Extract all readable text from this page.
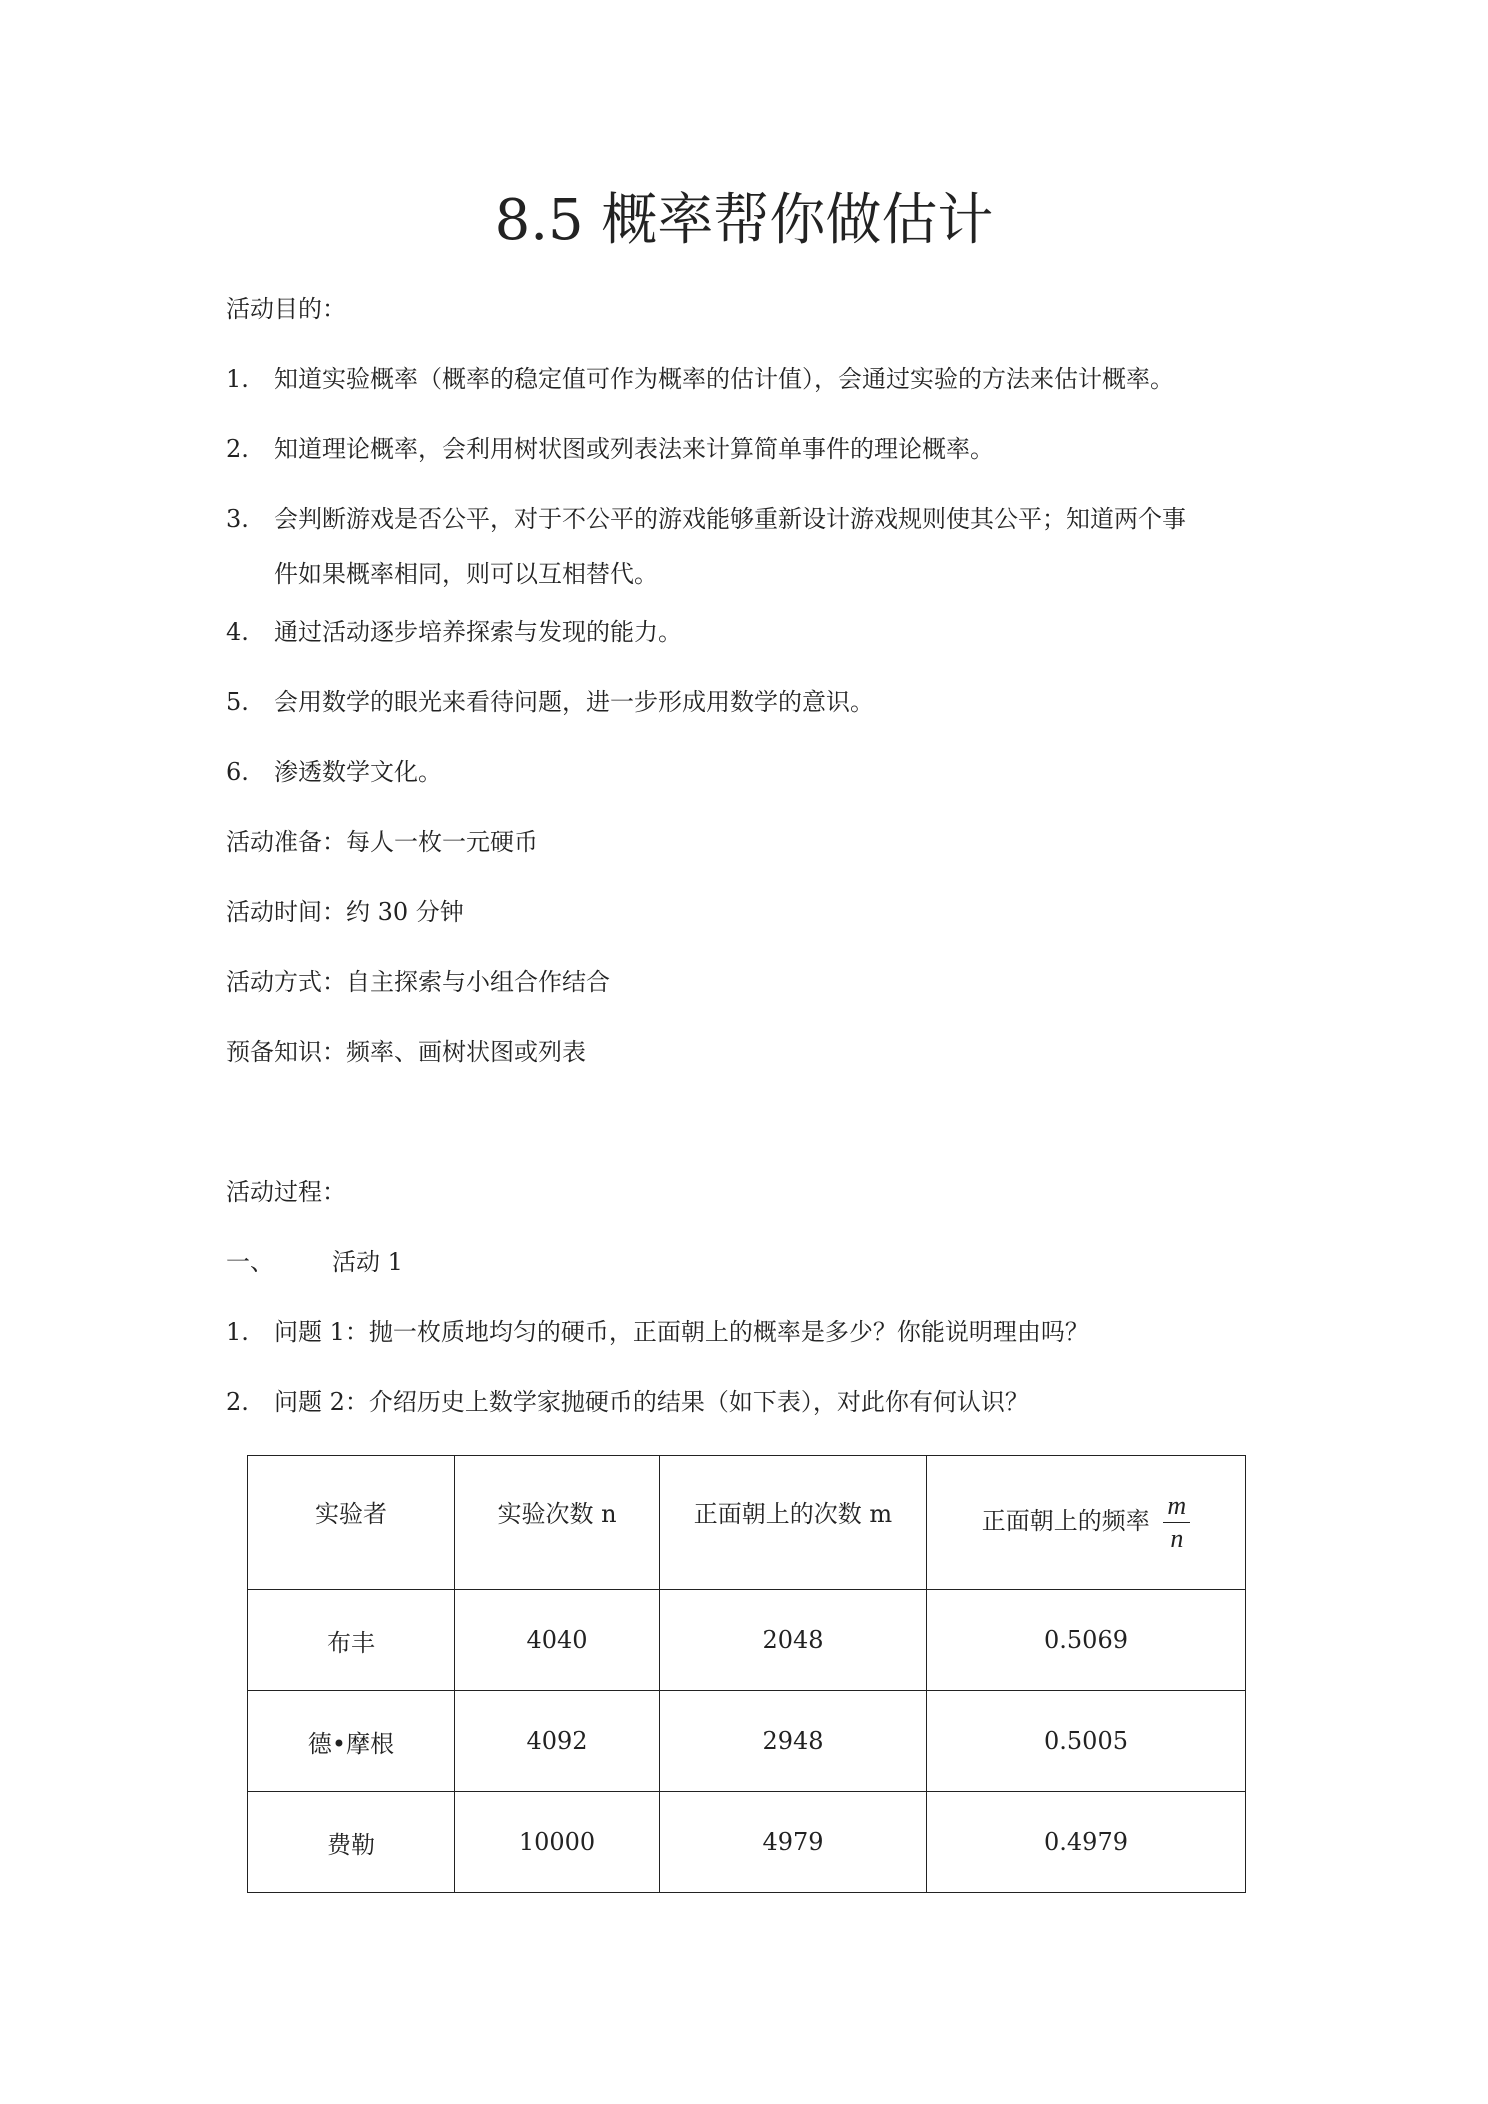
8.5 概率帮你做估计
活动目的：
1.	知道实验概率（概率的稳定值可作为概率的估计值），会通过实验的方法来估计概率。
2.	知道理论概率，会利用树状图或列表法来计算简单事件的理论概率。
3.	会判断游戏是否公平，对于不公平的游戏能够重新设计游戏规则使其公平；知道两个事
件如果概率相同，则可以互相替代。
4.	通过活动逐步培养探索与发现的能力。
5.	会用数学的眼光来看待问题，进一步形成用数学的意识。
6.	渗透数学文化。
活动准备：每人一枚一元硬币
活动时间：约 30 分钟
活动方式：自主探索与小组合作结合
预备知识：频率、画树状图或列表
活动过程：
一、 活动 1
1.	问题 1：抛一枚质地均匀的硬币，正面朝上的概率是多少？你能说明理由吗？
2.	问题 2：介绍历史上数学家抛硬币的结果（如下表），对此你有何认识？
实验者	实验次数 n	正面朝上的次数 m	正面朝上的频率 $\frac{m}{n}$

布丰	4040	2048	0.5069
德•摩根	4092	2948	0.5005
费勒	10000	4979	0.4979
